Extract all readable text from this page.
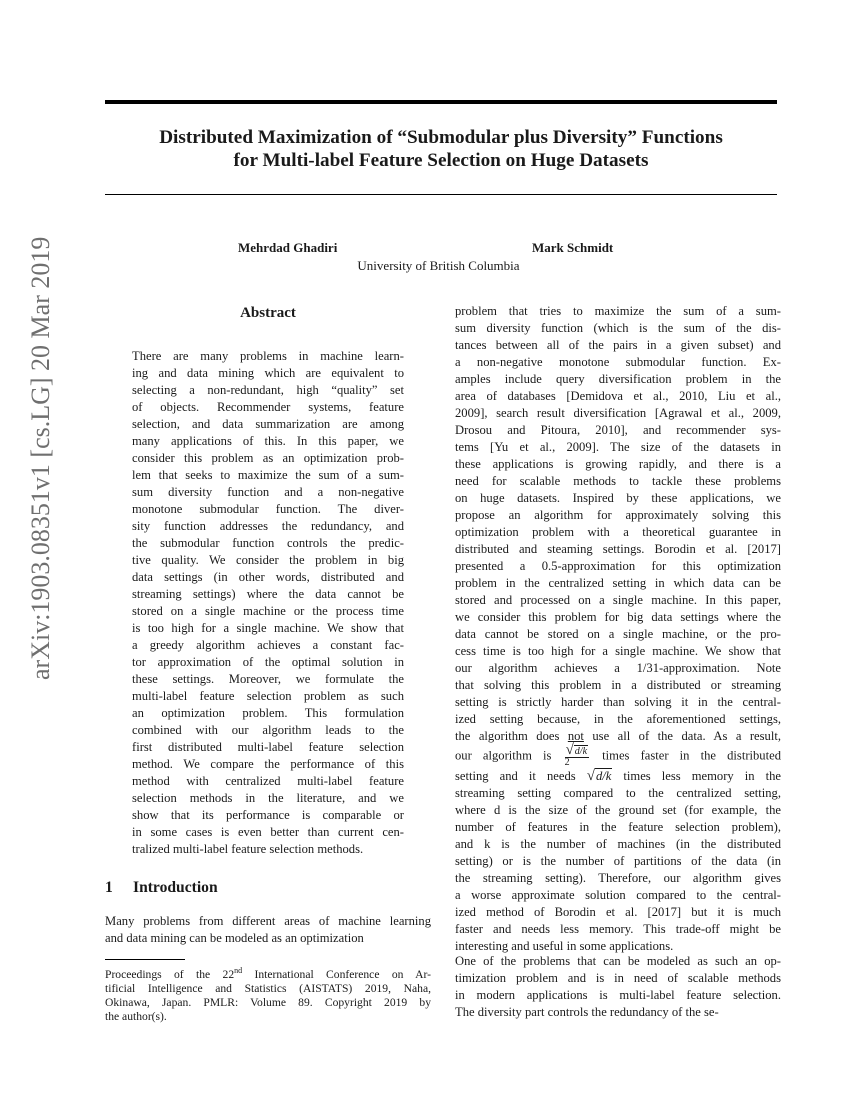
arXiv:1903.08351v1 [cs.LG] 20 Mar 2019
Distributed Maximization of “Submodular plus Diversity” Functions
for Multi-label Feature Selection on Huge Datasets
Mehrdad Ghadiri	Mark Schmidt
University of British Columbia
Abstract
There are many problems in machine learn-
ing and data mining which are equivalent to
selecting a non-redundant, high “quality” set
of objects. Recommender systems, feature
selection, and data summarization are among
many applications of this. In this paper, we
consider this problem as an optimization prob-
lem that seeks to maximize the sum of a sum-
sum diversity function and a non-negative
monotone submodular function. The diver-
sity function addresses the redundancy, and
the submodular function controls the predic-
tive quality. We consider the problem in big
data settings (in other words, distributed and
streaming settings) where the data cannot be
stored on a single machine or the process time
is too high for a single machine. We show that
a greedy algorithm achieves a constant fac-
tor approximation of the optimal solution in
these settings. Moreover, we formulate the
multi-label feature selection problem as such
an optimization problem. This formulation
combined with our algorithm leads to the
first distributed multi-label feature selection
method. We compare the performance of this
method with centralized multi-label feature
selection methods in the literature, and we
show that its performance is comparable or
in some cases is even better than current cen-
tralized multi-label feature selection methods.
1 Introduction
Many problems from different areas of machine learning
and data mining can be modeled as an optimization
Proceedings of the 22nd International Conference on Ar-
tificial Intelligence and Statistics (AISTATS) 2019, Naha,
Okinawa, Japan. PMLR: Volume 89. Copyright 2019 by
the author(s).
problem that tries to maximize the sum of a sum-
sum diversity function (which is the sum of the dis-
tances between all of the pairs in a given subset) and
a non-negative monotone submodular function. Ex-
amples include query diversification problem in the
area of databases [Demidova et al., 2010, Liu et al.,
2009], search result diversification [Agrawal et al., 2009,
Drosou and Pitoura, 2010], and recommender sys-
tems [Yu et al., 2009]. The size of the datasets in
these applications is growing rapidly, and there is a
need for scalable methods to tackle these problems
on huge datasets. Inspired by these applications, we
propose an algorithm for approximately solving this
optimization problem with a theoretical guarantee in
distributed and steaming settings. Borodin et al. [2017]
presented a 0.5-approximation for this optimization
problem in the centralized setting in which data can be
stored and processed on a single machine. In this paper,
we consider this problem for big data settings where the
data cannot be stored on a single machine, or the pro-
cess time is too high for a single machine. We show that
our algorithm achieves a 1/31-approximation. Note
that solving this problem in a distributed or streaming
setting is strictly harder than solving it in the central-
ized setting because, in the aforementioned settings,
the algorithm does not use all of the data. As a result,
our algorithm is $\frac{√d/k}{2}$ times faster in the distributed
setting and it needs √d/k times less memory in the
streaming setting compared to the centralized setting,
where d is the size of the ground set (for example, the
number of features in the feature selection problem),
and k is the number of machines (in the distributed
setting) or is the number of partitions of the data (in
the streaming setting). Therefore, our algorithm gives
a worse approximate solution compared to the central-
ized method of Borodin et al. [2017] but it is much
faster and needs less memory. This trade-off might be
interesting and useful in some applications.
One of the problems that can be modeled as such an op-
timization problem and is in need of scalable methods
in modern applications is multi-label feature selection.
The diversity part controls the redundancy of the se-
